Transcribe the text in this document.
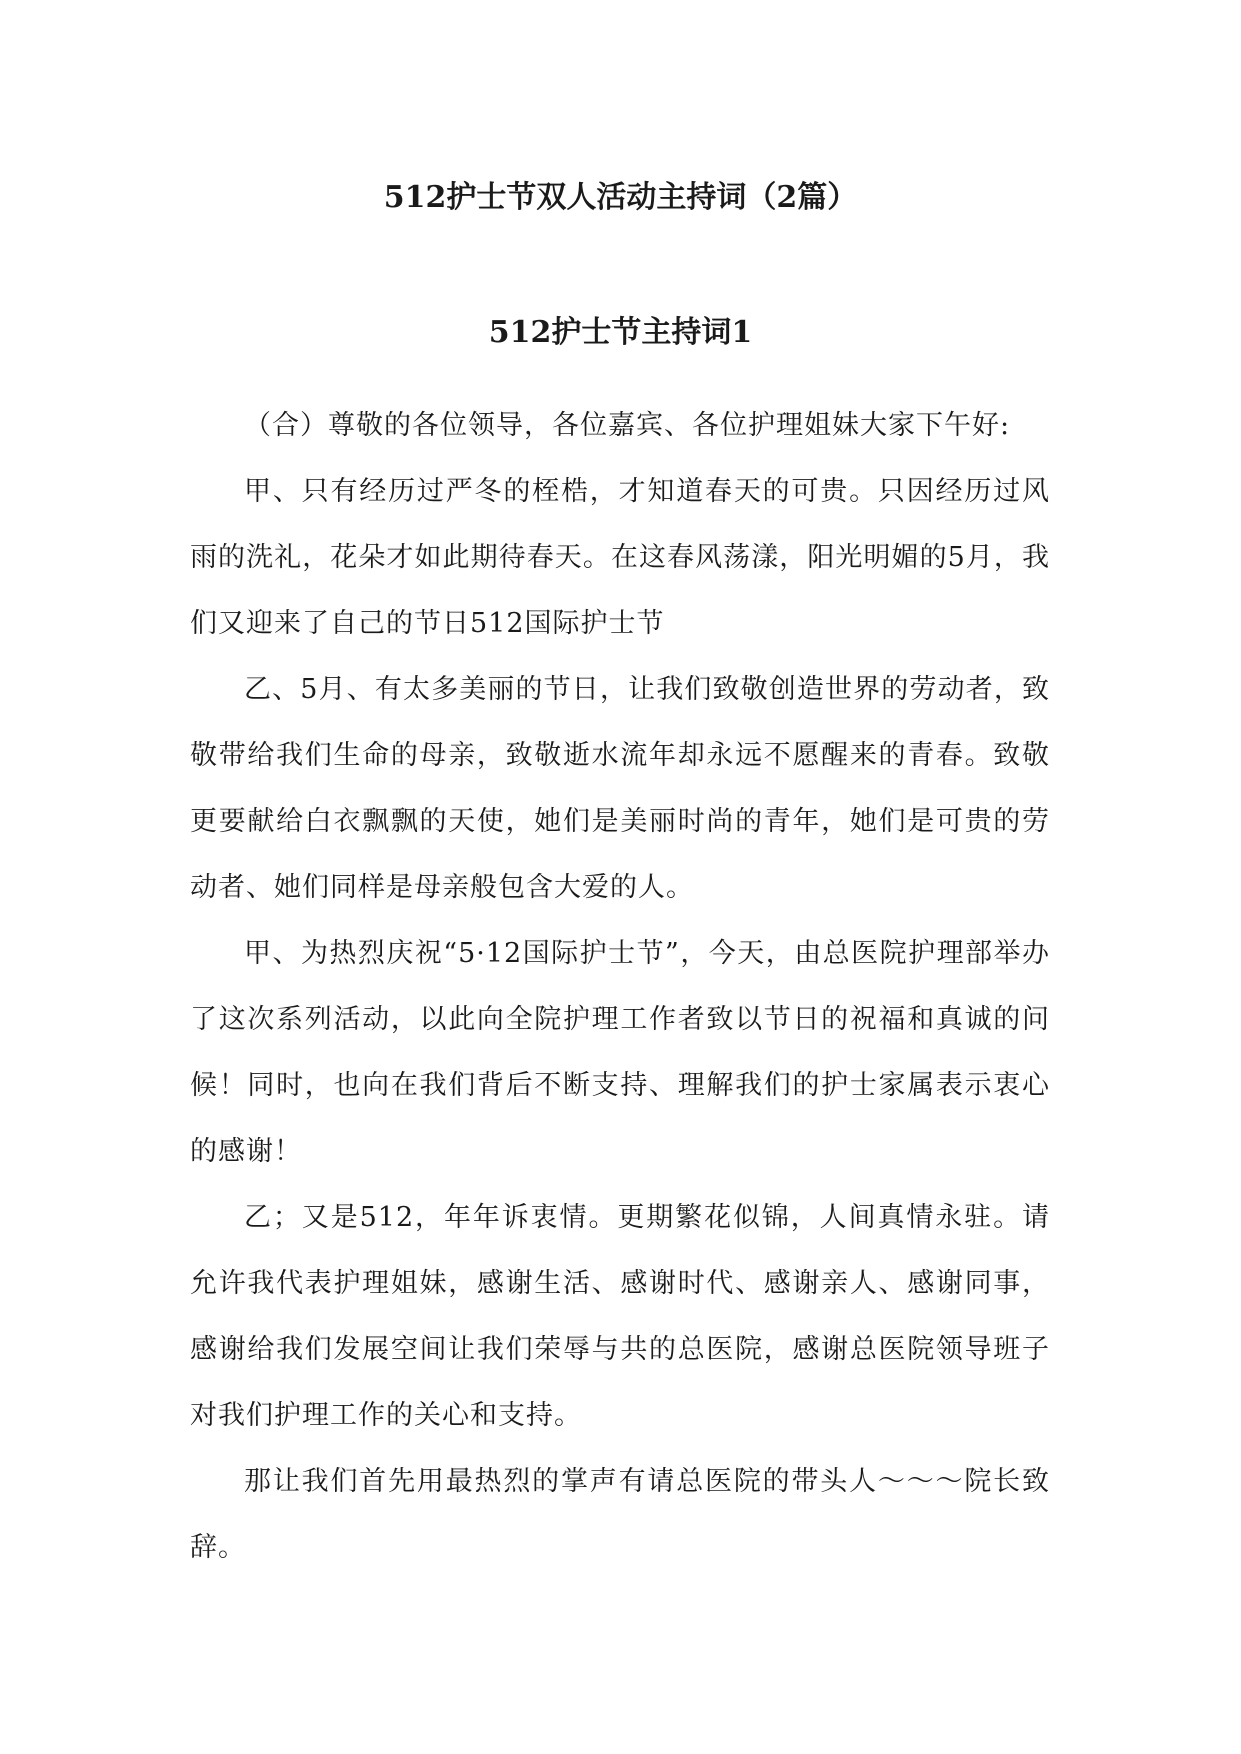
512护士节双人活动主持词（2篇）
512护士节主持词1

（合）尊敬的各位领导，各位嘉宾、各位护理姐妹大家下午好:

甲、只有经历过严冬的桎梏，才知道春天的可贵。只因经历过风雨的洗礼，花朵才如此期待春天。在这春风荡漾，阳光明媚的5月，我们又迎来了自己的节日512国际护士节

乙、5月、有太多美丽的节日，让我们致敬创造世界的劳动者，致敬带给我们生命的母亲，致敬逝水流年却永远不愿醒来的青春。致敬更要献给白衣飘飘的天使，她们是美丽时尚的青年，她们是可贵的劳动者、她们同样是母亲般包含大爱的人。

甲、为热烈庆祝“5·12国际护士节”，今天，由总医院护理部举办了这次系列活动，以此向全院护理工作者致以节日的祝福和真诚的问候！同时，也向在我们背后不断支持、理解我们的护士家属表示衷心的感谢！

乙；又是512，年年诉衷情。更期繁花似锦，人间真情永驻。请允许我代表护理姐妹，感谢生活、感谢时代、感谢亲人、感谢同事，感谢给我们发展空间让我们荣辱与共的总医院，感谢总医院领导班子对我们护理工作的关心和支持。

那让我们首先用最热烈的掌声有请总医院的带头人～～～院长致辞。
